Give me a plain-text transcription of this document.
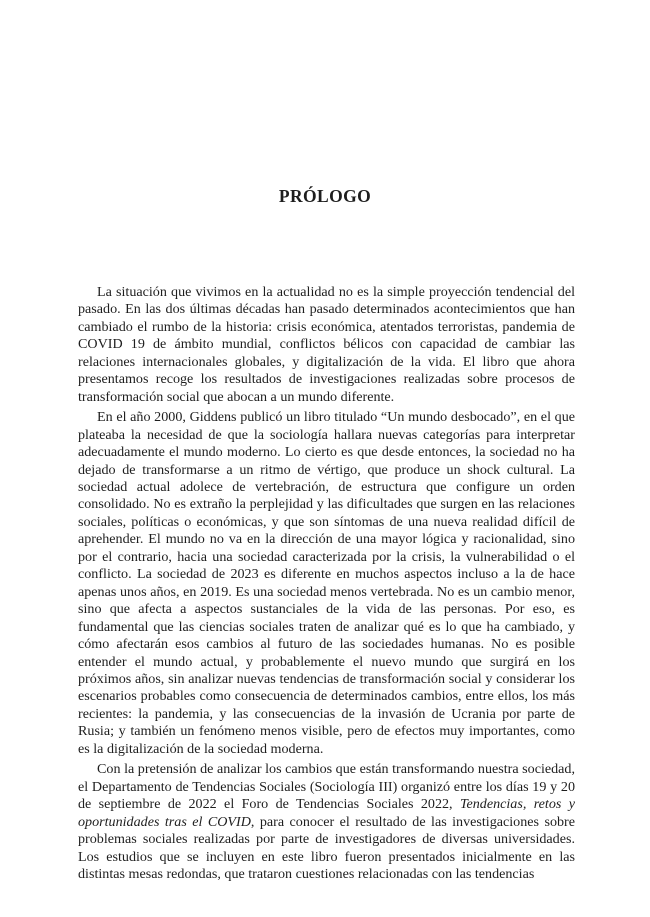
PRÓLOGO

La situación que vivimos en la actualidad no es la simple proyección tendencial del pasado. En las dos últimas décadas han pasado determinados acontecimientos que han cambiado el rumbo de la historia: crisis económica, atentados terroristas, pandemia de COVID 19 de ámbito mundial, conflictos bélicos con capacidad de cambiar las relaciones internacionales globales, y digitalización de la vida. El libro que ahora presentamos recoge los resultados de investigaciones realizadas sobre procesos de transformación social que abocan a un mundo diferente.

En el año 2000, Giddens publicó un libro titulado “Un mundo desbocado”, en el que plateaba la necesidad de que la sociología hallara nuevas categorías para interpretar adecuadamente el mundo moderno. Lo cierto es que desde entonces, la sociedad no ha dejado de transformarse a un ritmo de vértigo, que produce un shock cultural. La sociedad actual adolece de vertebración, de estructura que configure un orden consolidado. No es extraño la perplejidad y las dificultades que surgen en las relaciones sociales, políticas o económicas, y que son síntomas de una nueva realidad difícil de aprehender. El mundo no va en la dirección de una mayor lógica y racionalidad, sino por el contrario, hacia una sociedad caracterizada por la crisis, la vulnerabilidad o el conflicto. La sociedad de 2023 es diferente en muchos aspectos incluso a la de hace apenas unos años, en 2019. Es una sociedad menos vertebrada. No es un cambio menor, sino que afecta a aspectos sustanciales de la vida de las personas. Por eso, es fundamental que las ciencias sociales traten de analizar qué es lo que ha cambiado, y cómo afectarán esos cambios al futuro de las sociedades humanas. No es posible entender el mundo actual, y probablemente el nuevo mundo que surgirá en los próximos años, sin analizar nuevas tendencias de transformación social y considerar los escenarios probables como consecuencia de determinados cambios, entre ellos, los más recientes: la pandemia, y las consecuencias de la invasión de Ucrania por parte de Rusia; y también un fenómeno menos visible, pero de efectos muy importantes, como es la digitalización de la sociedad moderna.

Con la pretensión de analizar los cambios que están transformando nuestra sociedad, el Departamento de Tendencias Sociales (Sociología III) organizó entre los días 19 y 20 de septiembre de 2022 el Foro de Tendencias Sociales 2022, Tendencias, retos y oportunidades tras el COVID, para conocer el resultado de las investigaciones sobre problemas sociales realizadas por parte de investigadores de diversas universidades. Los estudios que se incluyen en este libro fueron presentados inicialmente en las distintas mesas redondas, que trataron cuestiones relacionadas con las tendencias
